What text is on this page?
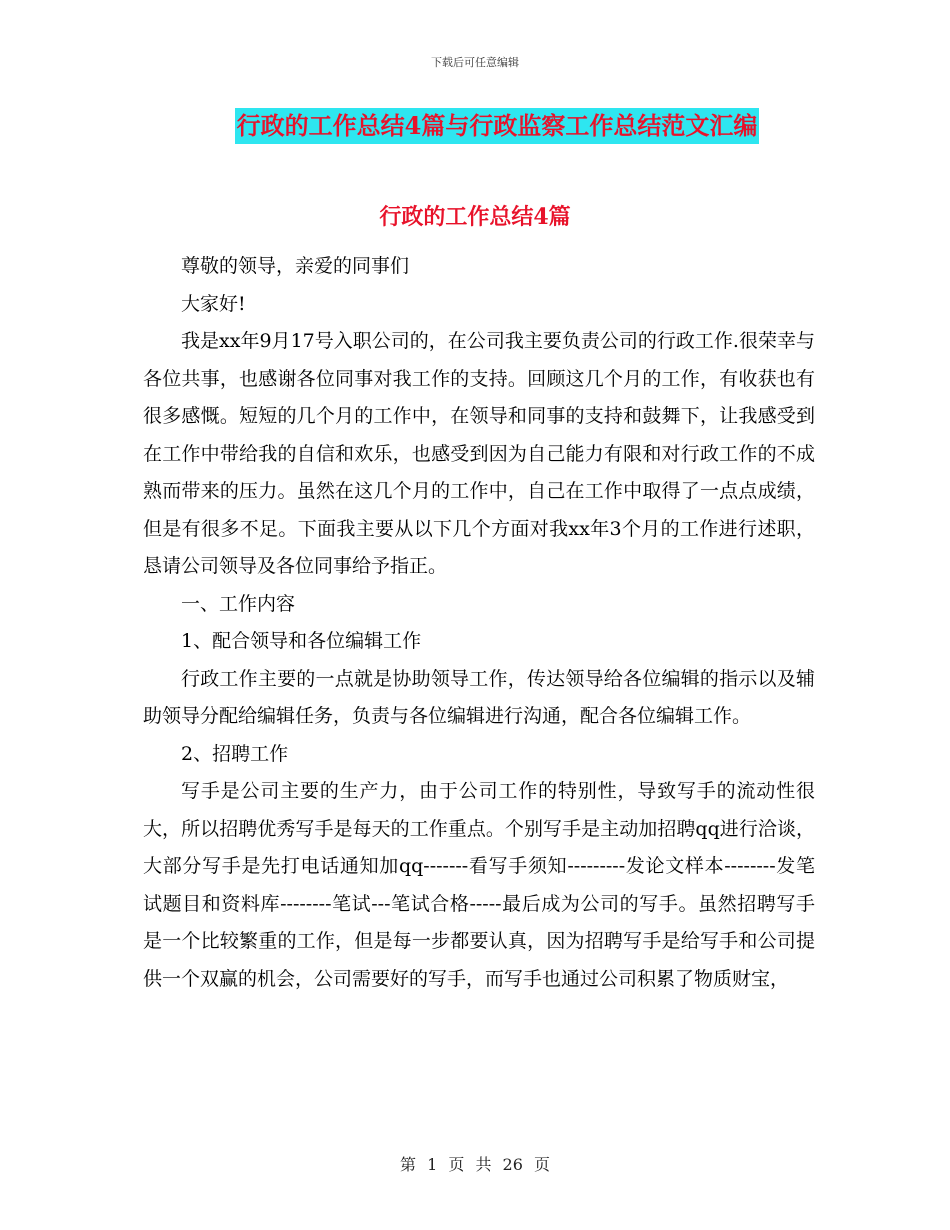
下载后可任意编辑
行政的工作总结4篇与行政监察工作总结范文汇编
行政的工作总结4篇

尊敬的领导，亲爱的同事们

大家好!

我是xx年9月17号入职公司的，在公司我主要负责公司的行政工作.很荣幸与各位共事，也感谢各位同事对我工作的支持。回顾这几个月的工作，有收获也有很多感慨。短短的几个月的工作中，在领导和同事的支持和鼓舞下，让我感受到在工作中带给我的自信和欢乐，也感受到因为自己能力有限和对行政工作的不成熟而带来的压力。虽然在这几个月的工作中，自己在工作中取得了一点点成绩，但是有很多不足。下面我主要从以下几个方面对我xx年3个月的工作进行述职，恳请公司领导及各位同事给予指正。

一、工作内容

1、配合领导和各位编辑工作

行政工作主要的一点就是协助领导工作，传达领导给各位编辑的指示以及辅助领导分配给编辑任务，负责与各位编辑进行沟通，配合各位编辑工作。

2、招聘工作

写手是公司主要的生产力，由于公司工作的特别性，导致写手的流动性很大，所以招聘优秀写手是每天的工作重点。个别写手是主动加招聘qq进行洽谈，大部分写手是先打电话通知加qq-------看写手须知---------发论文样本--------发笔试题目和资料库--------笔试---笔试合格-----最后成为公司的写手。虽然招聘写手是一个比较繁重的工作，但是每一步都要认真，因为招聘写手是给写手和公司提供一个双赢的机会，公司需要好的写手，而写手也通过公司积累了物质财宝，

第 1 页 共 26 页
